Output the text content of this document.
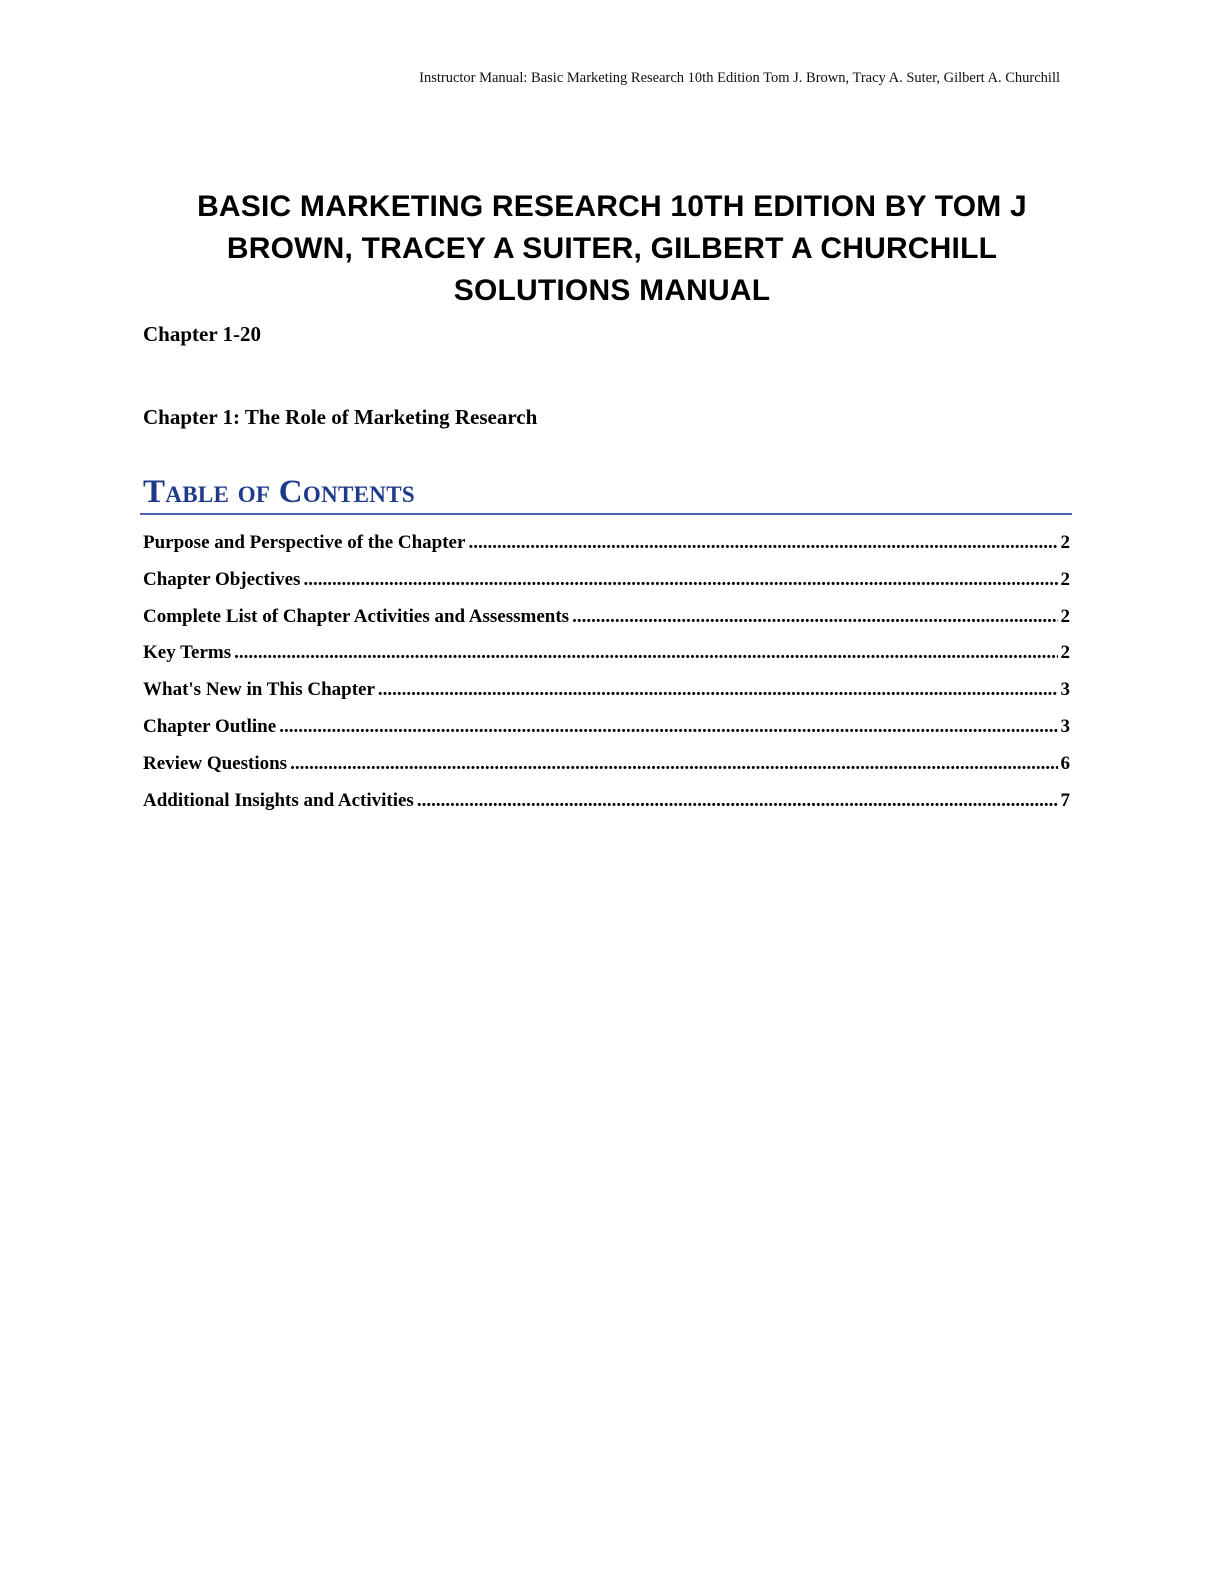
Instructor Manual: Basic Marketing Research 10th Edition Tom J. Brown, Tracy A. Suter, Gilbert A. Churchill
BASIC MARKETING RESEARCH 10TH EDITION BY TOM J
BROWN, TRACEY A SUITER, GILBERT A CHURCHILL
SOLUTIONS MANUAL
Chapter 1-20
Chapter 1: The Role of Marketing Research
Table of Contents
Purpose and Perspective of the Chapter .....	2
Chapter Objectives .....	2
Complete List of Chapter Activities and Assessments .....	2
Key Terms .....	2
What's New in This Chapter .....	3
Chapter Outline .....	3
Review Questions .....	6
Additional Insights and Activities .....	7
